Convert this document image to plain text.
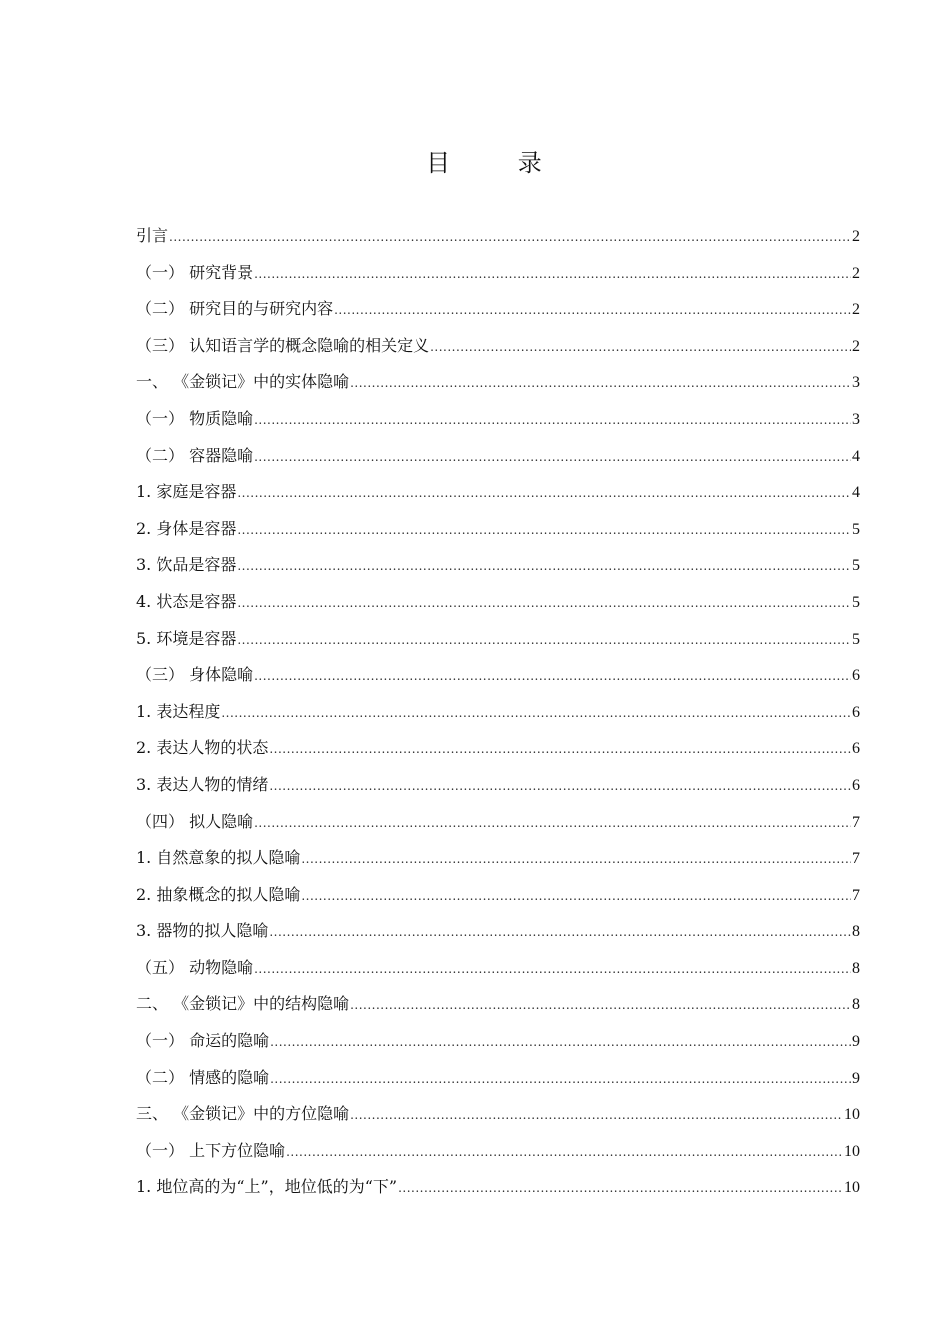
目 录
引言 .....	2
（一） 研究背景 .....	2
（二） 研究目的与研究内容 .....	2
（三） 认知语言学的概念隐喻的相关定义 .....	2
一、 《金锁记》中的实体隐喻 .....	3
（一） 物质隐喻 .....	3
（二） 容器隐喻 .....	4
1. 家庭是容器 .....	4
2. 身体是容器 .....	5
3. 饮品是容器 .....	5
4. 状态是容器 .....	5
5. 环境是容器 .....	5
（三） 身体隐喻 .....	6
1. 表达程度 .....	6
2. 表达人物的状态 .....	6
3. 表达人物的情绪 .....	6
（四） 拟人隐喻 .....	7
1. 自然意象的拟人隐喻 .....	7
2. 抽象概念的拟人隐喻 .....	7
3. 器物的拟人隐喻 .....	8
（五） 动物隐喻 .....	8
二、 《金锁记》中的结构隐喻 .....	8
（一） 命运的隐喻 .....	9
（二） 情感的隐喻 .....	9
三、 《金锁记》中的方位隐喻 .....	10
（一） 上下方位隐喻 .....	10
1. 地位高的为“上”，地位低的为“下” .....	10
